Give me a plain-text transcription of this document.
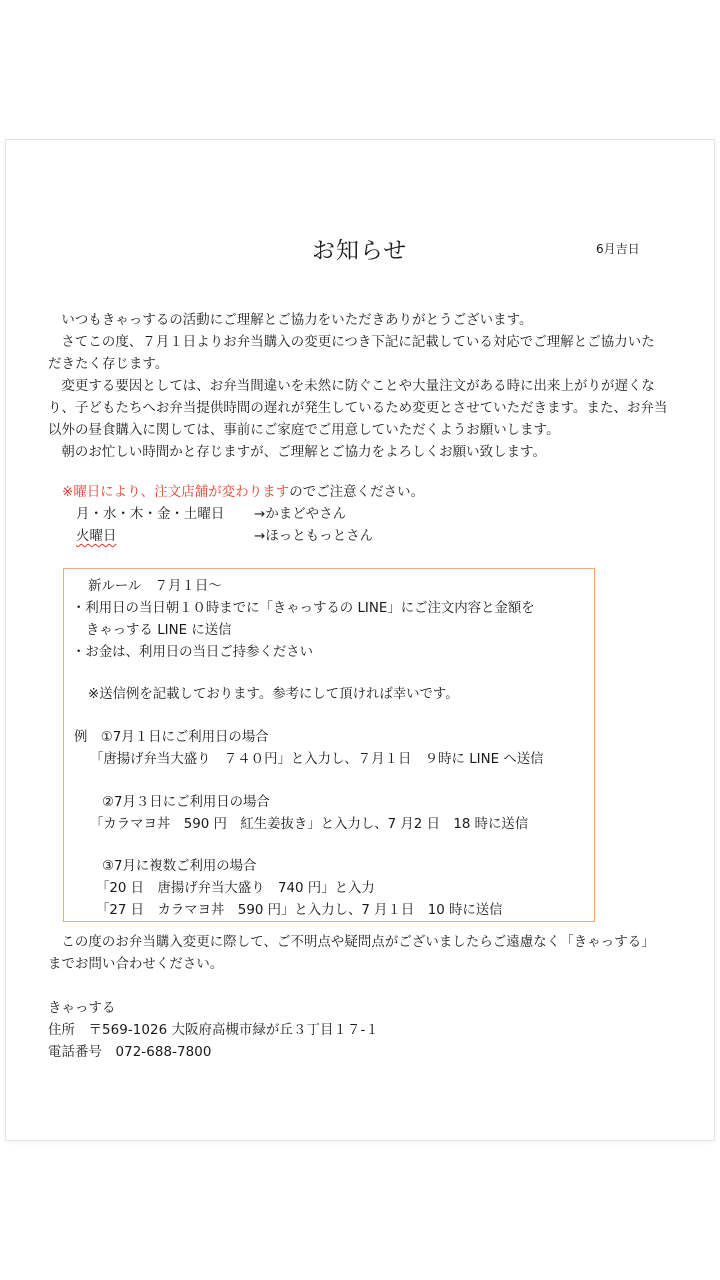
お知らせ	6月吉日

いつもきゃっするの活動にご理解とご協力をいただきありがとうございます。

さてこの度、７月１日よりお弁当購入の変更につき下記に記載している対応でご理解とご協力いただきたく存じます。

変更する要因としては、お弁当間違いを未然に防ぐことや大量注文がある時に出来上がりが遅くなり、子どもたちへお弁当提供時間の遅れが発生しているため変更とさせていただきます。また、お弁当以外の昼食購入に関しては、事前にご家庭でご用意していただくようお願いします。

朝のお忙しい時間かと存じますが、ご理解とご協力をよろしくお願い致します。

※曜日により、注文店舗が変わりますのでご注意ください。
月・水・木・金・土曜日 →かまどやさん
火曜日	→ほっともっとさん
新ルール　７月１日～
・利用日の当日朝１０時までに「きゃっするの LINE」にご注文内容と金額を
きゃっする LINE に送信
・お金は、利用日の当日ご持参ください
※送信例を記載しております。参考にして頂ければ幸いです。
例　①7月１日にご利用日の場合
「唐揚げ弁当大盛り　７４０円」と入力し、７月１日　９時に LINE へ送信
②7月３日にご利用日の場合
「カラマヨ丼　590 円　紅生姜抜き」と入力し、7 月2 日　18 時に送信
③7月に複数ご利用の場合
「20 日　唐揚げ弁当大盛り　740 円」と入力
「27 日　カラマヨ丼　590 円」と入力し、7 月１日　10 時に送信
この度のお弁当購入変更に際して、ご不明点や疑問点がございましたらご遠慮なく「きゃっする」までお問い合わせください。
きゃっする
住所　〒569-1026 大阪府高槻市緑が丘３丁目１７-１
電話番号　072-688-7800
